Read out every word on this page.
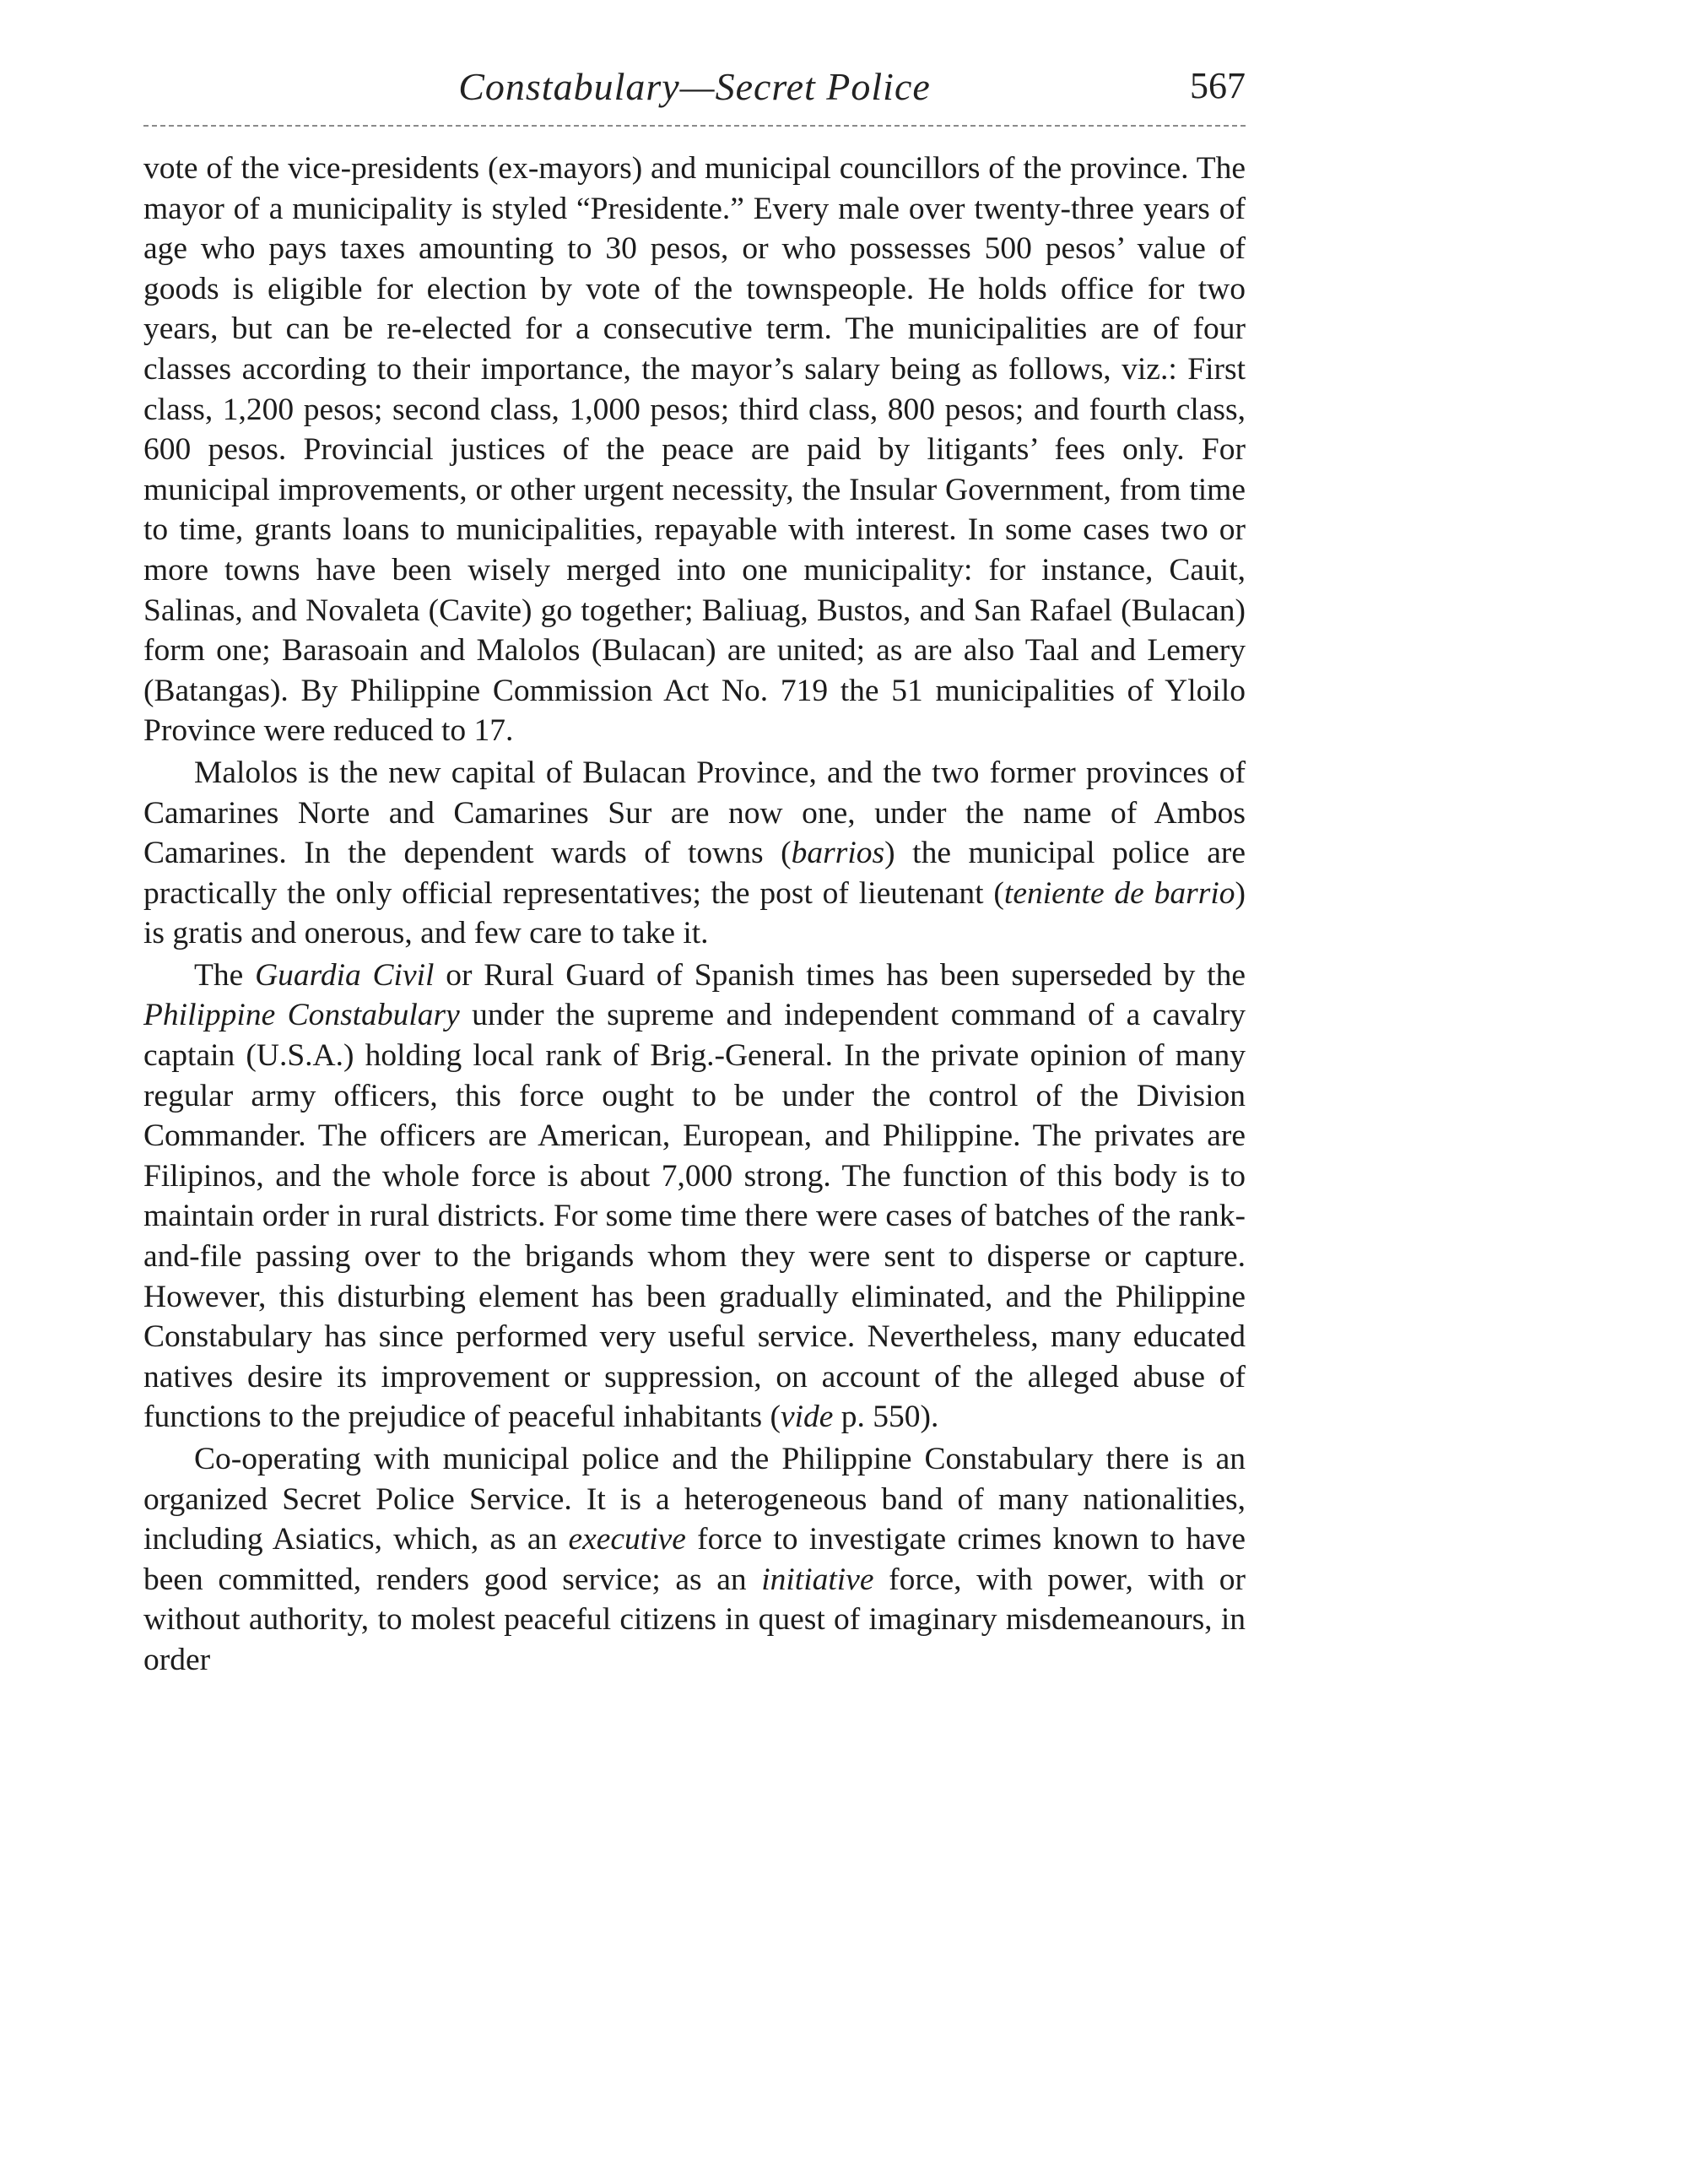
Constabulary—Secret Police	567

vote of the vice-presidents (ex-mayors) and municipal councillors of the province. The mayor of a municipality is styled “Presidente.” Every male over twenty-three years of age who pays taxes amounting to 30 pesos, or who possesses 500 pesos’ value of goods is eligible for election by vote of the townspeople. He holds office for two years, but can be re-elected for a consecutive term. The municipalities are of four classes according to their importance, the mayor’s salary being as follows, viz.: First class, 1,200 pesos; second class, 1,000 pesos; third class, 800 pesos; and fourth class, 600 pesos. Provincial justices of the peace are paid by litigants’ fees only. For municipal improvements, or other urgent necessity, the Insular Government, from time to time, grants loans to municipalities, repayable with interest. In some cases two or more towns have been wisely merged into one municipality: for instance, Cauit, Salinas, and Novaleta (Cavite) go together; Baliuag, Bustos, and San Rafael (Bulacan) form one; Barasoain and Malolos (Bulacan) are united; as are also Taal and Lemery (Batangas). By Philippine Commission Act No. 719 the 51 municipalities of Yloilo Province were reduced to 17.

Malolos is the new capital of Bulacan Province, and the two former provinces of Camarines Norte and Camarines Sur are now one, under the name of Ambos Camarines. In the dependent wards of towns (barrios) the municipal police are practically the only official representatives; the post of lieutenant (teniente de barrio) is gratis and onerous, and few care to take it.

The Guardia Civil or Rural Guard of Spanish times has been superseded by the Philippine Constabulary under the supreme and independent command of a cavalry captain (U.S.A.) holding local rank of Brig.-General. In the private opinion of many regular army officers, this force ought to be under the control of the Division Commander. The officers are American, European, and Philippine. The privates are Filipinos, and the whole force is about 7,000 strong. The function of this body is to maintain order in rural districts. For some time there were cases of batches of the rank-and-file passing over to the brigands whom they were sent to disperse or capture. However, this disturbing element has been gradually eliminated, and the Philippine Constabulary has since performed very useful service. Nevertheless, many educated natives desire its improvement or suppression, on account of the alleged abuse of functions to the prejudice of peaceful inhabitants (vide p. 550).

Co-operating with municipal police and the Philippine Constabulary there is an organized Secret Police Service. It is a heterogeneous band of many nationalities, including Asiatics, which, as an executive force to investigate crimes known to have been committed, renders good service; as an initiative force, with power, with or without authority, to molest peaceful citizens in quest of imaginary misdemeanours, in order
